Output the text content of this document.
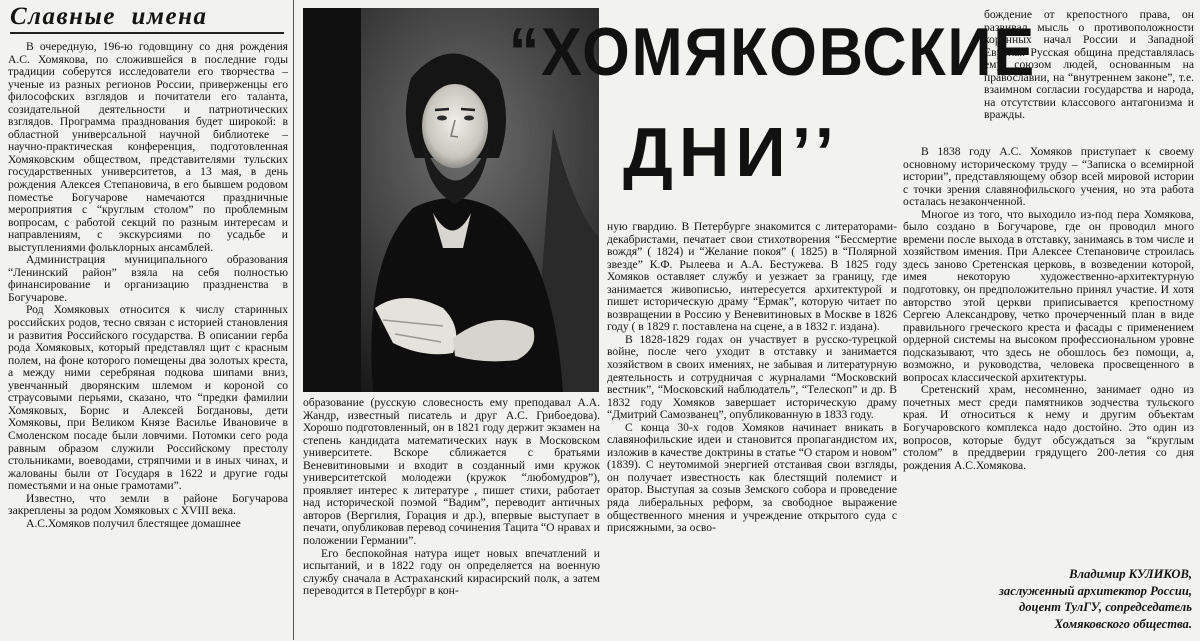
Славные  имена

В очередную, 196-ю годовщину со дня рождения А.С. Хомякова, по сложившейся в последние годы традиции соберутся исследователи его творчества – ученые из разных регионов России, приверженцы его философских взглядов и почитатели его таланта, созидательной деятельности и патриотических взглядов. Программа празднования будет широкой: в областной универсальной научной библиотеке – научно-практическая конференция, подготовленная Хомяковским обществом, представителями тульских государственных университетов, а 13 мая, в день рождения Алексея Степановича, в его бывшем родовом поместье Богучарове намечаются праздничные мероприятия с “круглым столом” по проблемным вопросам, с работой секций по разным интересам и направлениям, с экскурсиями по усадьбе и выступлениями фольклорных ансамблей.

Администрация муниципального образования “Ленинский район” взяла на себя полностью финансирование и организацию праздненства в Богучарове.

Род Хомяковых относится к числу старинных российских родов, тесно связан с историей становления и развития Российского государства. В описании герба рода Хомяковых, который представлял щит с красным полем, на фоне которого помещены два золотых креста, а между ними серебряная подкова шипами вниз, увенчанный дворянским шлемом и короной со страусовыми перьями, сказано, что “предки фамилии Хомяковых, Борис и Алексей Богдановы, дети Хомяковы, при Великом Князе Василье Ивановиче в Смоленском посаде были ловчими. Потомки сего рода равным образом служили Российскому престолу стольниками, воеводами, стряпчими и в иных чинах, и жалованы были от Государя в 1622 и другие годы поместьями и на оные грамотами”.

Известно, что земли в районе Богучарова закреплены за родом Хомяковых с XVIII века.

А.С.Хомяков получил блестящее домашнее

“ХОМЯКОВСКИЕ
ДНИ’’

образование (русскую словесность ему преподавал А.А. Жандр, известный писатель и друг А.С. Грибоедова). Хорошо подготовленный, он в 1821 году держит экзамен на степень кандидата математических наук в Московском университете. Вскоре сближается с братьями Веневитиновыми и входит в созданный ими кружок университетской молодежи (кружок “любомудров”), проявляет интерес к литературе , пишет стихи, работает над исторической поэмой “Вадим”, переводит античных авторов (Вергилия, Горация и др.), впервые выступает в печати, опубликовав перевод сочинения Тацита “О нравах и положении Германии”.

Его беспокойная натура ищет новых впечатлений и испытаний, и в 1822 году он определяется на военную службу сначала в Астраханский кирасирский полк, а затем переводится в Петербург в кон-

ную гвардию. В Петербурге знакомится с литераторами- декабристами, печатает свои стихотворения “Бессмертие вождя” ( 1824) и “Желание покоя” ( 1825) в “Полярной звезде” К.Ф. Рылеева и А.А. Бестужева. В 1825 году Хомяков оставляет службу и уезжает за границу, где занимается живописью, интересуется архитектурой и пишет историческую драму “Ермак”, которую читает по возвращении в Россию у Веневитиновых в Москве в 1826 году ( в 1829 г. поставлена на сцене, а в 1832 г. издана).

В 1828-1829 годах он участвует в русско-турецкой войне, после чего уходит в отставку и занимается хозяйством в своих имениях, не забывая и литературную деятельность и сотрудничая с журналами “Московский вестник”, “Московский наблюдатель”, “Телескоп” и др. В 1832 году Хомяков завершает историческую драму “Дмитрий Самозванец”, опубликованную в 1833 году.

С конца 30-х годов Хомяков начинает вникать в славянофильские идеи и становится пропагандистом их, изложив в качестве доктрины в статье “О старом и новом” (1839). С неутомимой энергией отстаивая свои взгляды, он получает известность как блестящий полемист и оратор. Выступая за созыв Земского собора и проведение ряда либеральных реформ, за свободное выражение общественного мнения и учреждение открытого суда с присяжными, за осво-

бождение от крепостного права, он развивал мысль о противоположности коренных начал России и Западной Европы. Русская община представлялась ему союзом людей, основанным на православии, на “внутреннем законе”, т.е. взаимном согласии государства и народа, на отсутствии классового антагонизма и вражды.

В 1838 году А.С. Хомяков приступает к своему основному историческому труду – “Записка о всемирной истории”, представляющему обзор всей мировой истории с точки зрения славянофильского учения, но эта работа осталась незаконченной.

Многое из того, что выходило из-под пера Хомякова, было создано в Богучарове, где он проводил много времени после выхода в отставку, занимаясь в том числе и хозяйством имения. При Алексее Степановиче строилась здесь заново Сретенская церковь, в возведении которой, имея некоторую художественно-архитектурную подготовку, он предположительно принял участие. И хотя авторство этой церкви приписывается крепостному Сергею Александрову, четко прочерченный план в виде правильного греческого креста и фасады с применением ордерной системы на высоком профессиональном уровне подсказывают, что здесь не обошлось без помощи, а, возможно, и руководства, человека просвещенного в вопросах классической архитектуры.

Сретенский храм, несомненно, занимает одно из почетных мест среди памятников зодчества тульского края. И относиться к нему и другим объектам Богучаровского комплекса надо достойно. Это один из вопросов, которые будут обсуждаться за “круглым столом” в преддверии грядущего 200-летия со дня рождения А.С.Хомякова.

Владимир КУЛИКОВ,
заслуженный архитектор России,
доцент ТулГУ, сопредседатель
Хомяковского общества.
